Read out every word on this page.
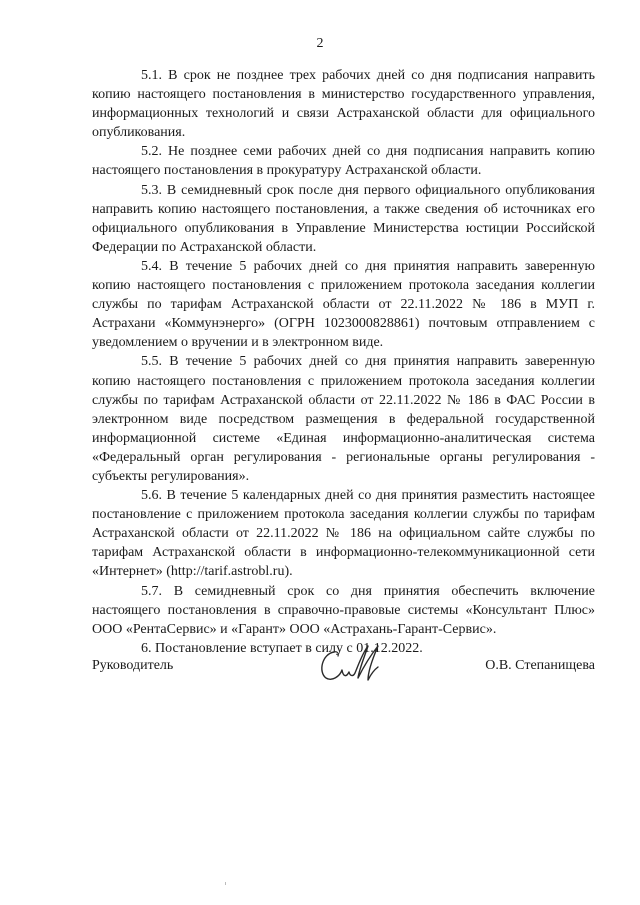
2

5.1. В срок не позднее трех рабочих дней со дня подписания направить копию настоящего постановления в министерство государственного управления, информационных технологий и связи Астраханской области для официального опубликования.

5.2. Не позднее семи рабочих дней со дня подписания направить копию настоящего постановления в прокуратуру Астраханской области.

5.3. В семидневный срок после дня первого официального опубликования направить копию настоящего постановления, а также сведения об источниках его официального опубликования в Управление Министерства юстиции Российской Федерации по Астраханской области.

5.4. В течение 5 рабочих дней со дня принятия направить заверенную копию настоящего постановления с приложением протокола заседания коллегии службы по тарифам Астраханской области от 22.11.2022 № 186 в МУП г. Астрахани «Коммунэнерго» (ОГРН 1023000828861) почтовым отправлением с уведомлением о вручении и в электронном виде.

5.5. В течение 5 рабочих дней со дня принятия направить заверенную копию настоящего постановления с приложением протокола заседания коллегии службы по тарифам Астраханской области от 22.11.2022 № 186 в ФАС России в электронном виде посредством размещения в федеральной государственной информационной системе «Единая информационно-аналитическая система «Федеральный орган регулирования - региональные органы регулирования - субъекты регулирования».

5.6. В течение 5 календарных дней со дня принятия разместить настоящее постановление с приложением протокола заседания коллегии службы по тарифам Астраханской области от 22.11.2022 № 186 на официальном сайте службы по тарифам Астраханской области в информационно-телекоммуникационной сети «Интернет» (http://tarif.astrobl.ru).

5.7. В семидневный срок со дня принятия обеспечить включение настоящего постановления в справочно-правовые системы «Консультант Плюс» ООО «РентаСервис» и «Гарант» ООО «Астрахань-Гарант-Сервис».

6. Постановление вступает в силу с 01.12.2022.

Руководитель	О.В. Степанищева
